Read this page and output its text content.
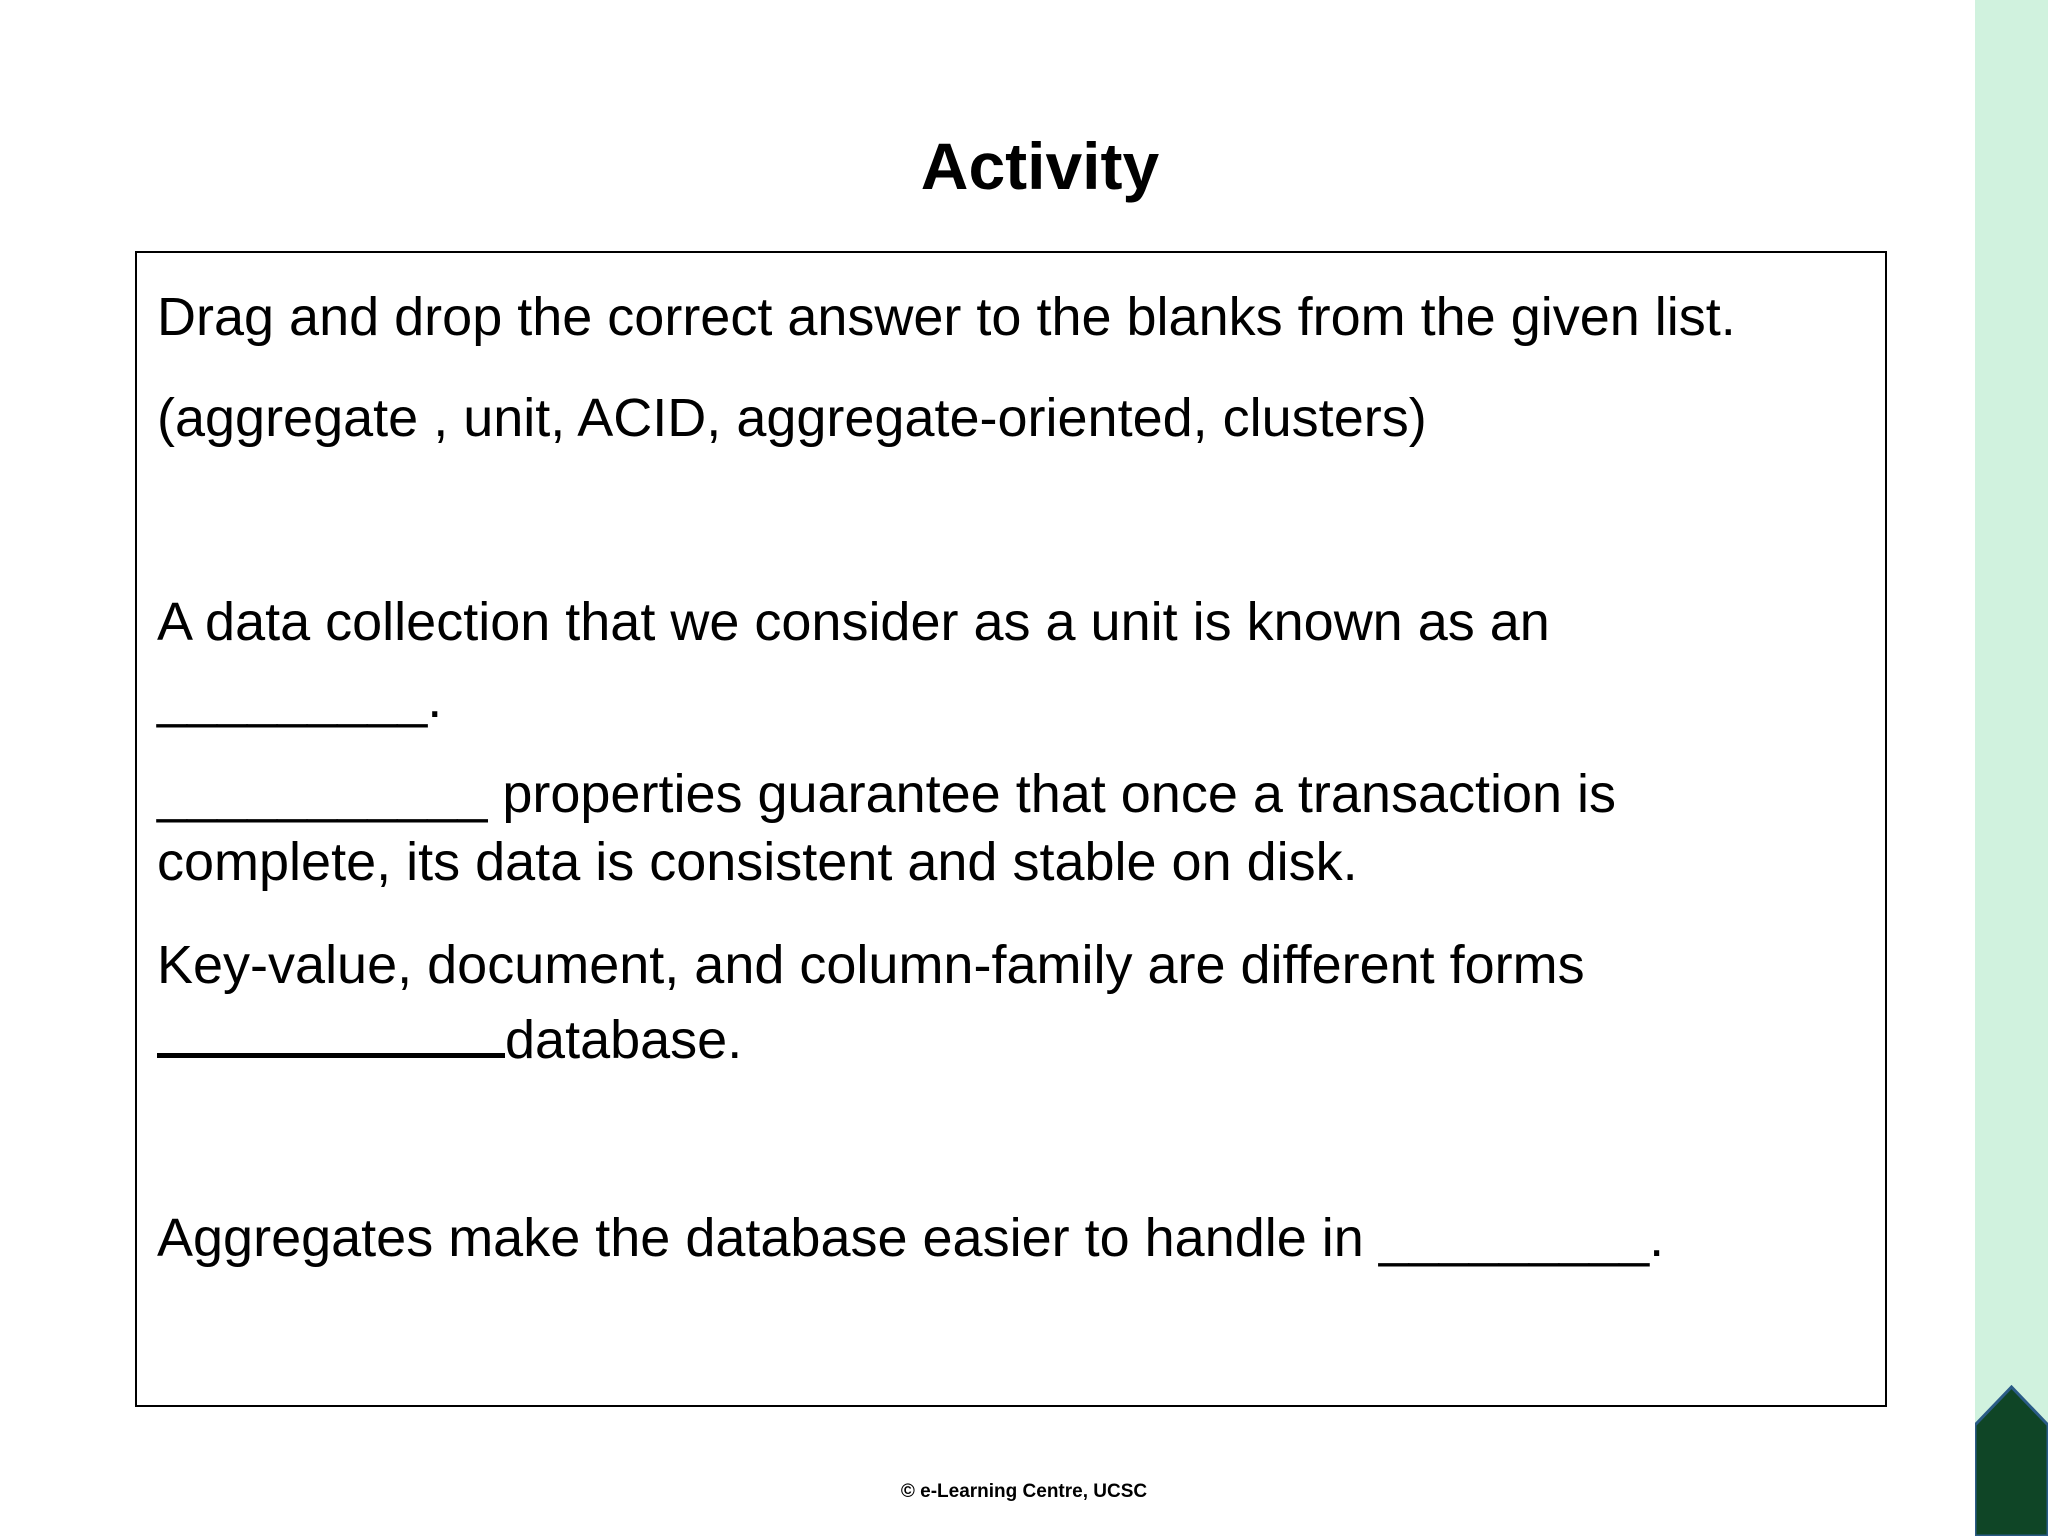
Activity
Drag and drop the correct answer to the blanks from the given list.
(aggregate , unit, ACID, aggregate-oriented, clusters)
A data collection that we consider as a unit is known as an
_________.
___________ properties guarantee that once a transaction is
complete, its data is consistent and stable on disk.
Key-value, document, and column-family are different forms
database.
Aggregates make the database easier to handle in _________.
© e-Learning Centre, UCSC
